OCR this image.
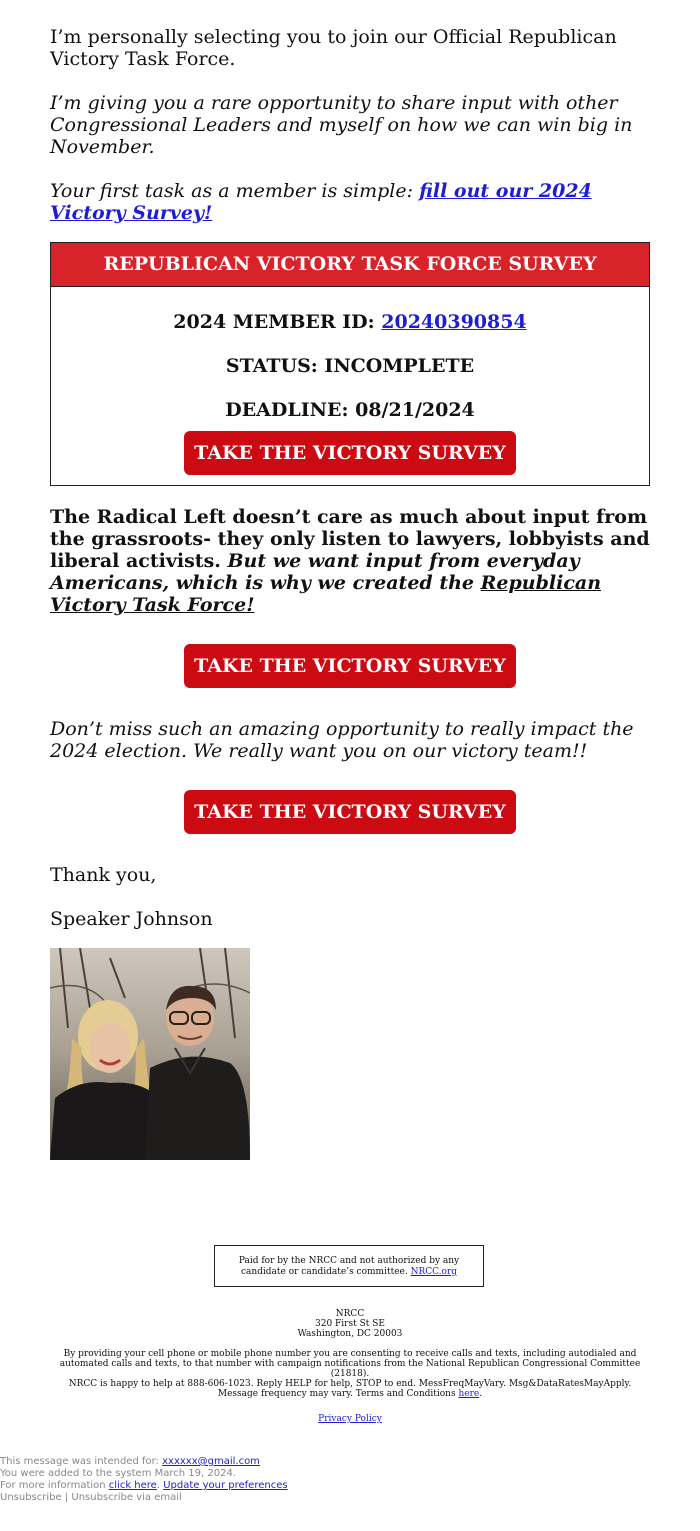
I’m personally selecting you to join our Official Republican Victory Task Force.

I’m giving you a rare opportunity to share input with other Congressional Leaders and myself on how we can win big in November.

Your first task as a member is simple: fill out our 2024 Victory Survey!

REPUBLICAN VICTORY TASK FORCE SURVEY
2024 MEMBER ID: 20240390854
STATUS: INCOMPLETE
DEADLINE: 08/21/2024
TAKE THE VICTORY SURVEY

The Radical Left doesn’t care as much about input from the grassroots- they only listen to lawyers, lobbyists and liberal activists. But we want input from everyday Americans, which is why we created the Republican Victory Task Force!

TAKE THE VICTORY SURVEY

Don’t miss such an amazing opportunity to really impact the 2024 election. We really want you on our victory team!!

TAKE THE VICTORY SURVEY

Thank you,

Speaker Johnson

Paid for by the NRCC and not authorized by any candidate or candidate’s committee. NRCC.org
NRCC
320 First St SE
Washington, DC 20003
By providing your cell phone or mobile phone number you are consenting to receive calls and texts, including autodialed and automated calls and texts, to that number with campaign notifications from the National Republican Congressional Committee (21818).
NRCC is happy to help at 888-606-1023. Reply HELP for help, STOP to end. MessFreqMayVary. Msg&DataRatesMayApply. Message frequency may vary. Terms and Conditions here.
Privacy Policy
This message was intended for: xxxxxx@gmail.com
You were added to the system March 19, 2024.
For more information click here. Update your preferences
Unsubscribe | Unsubscribe via email
